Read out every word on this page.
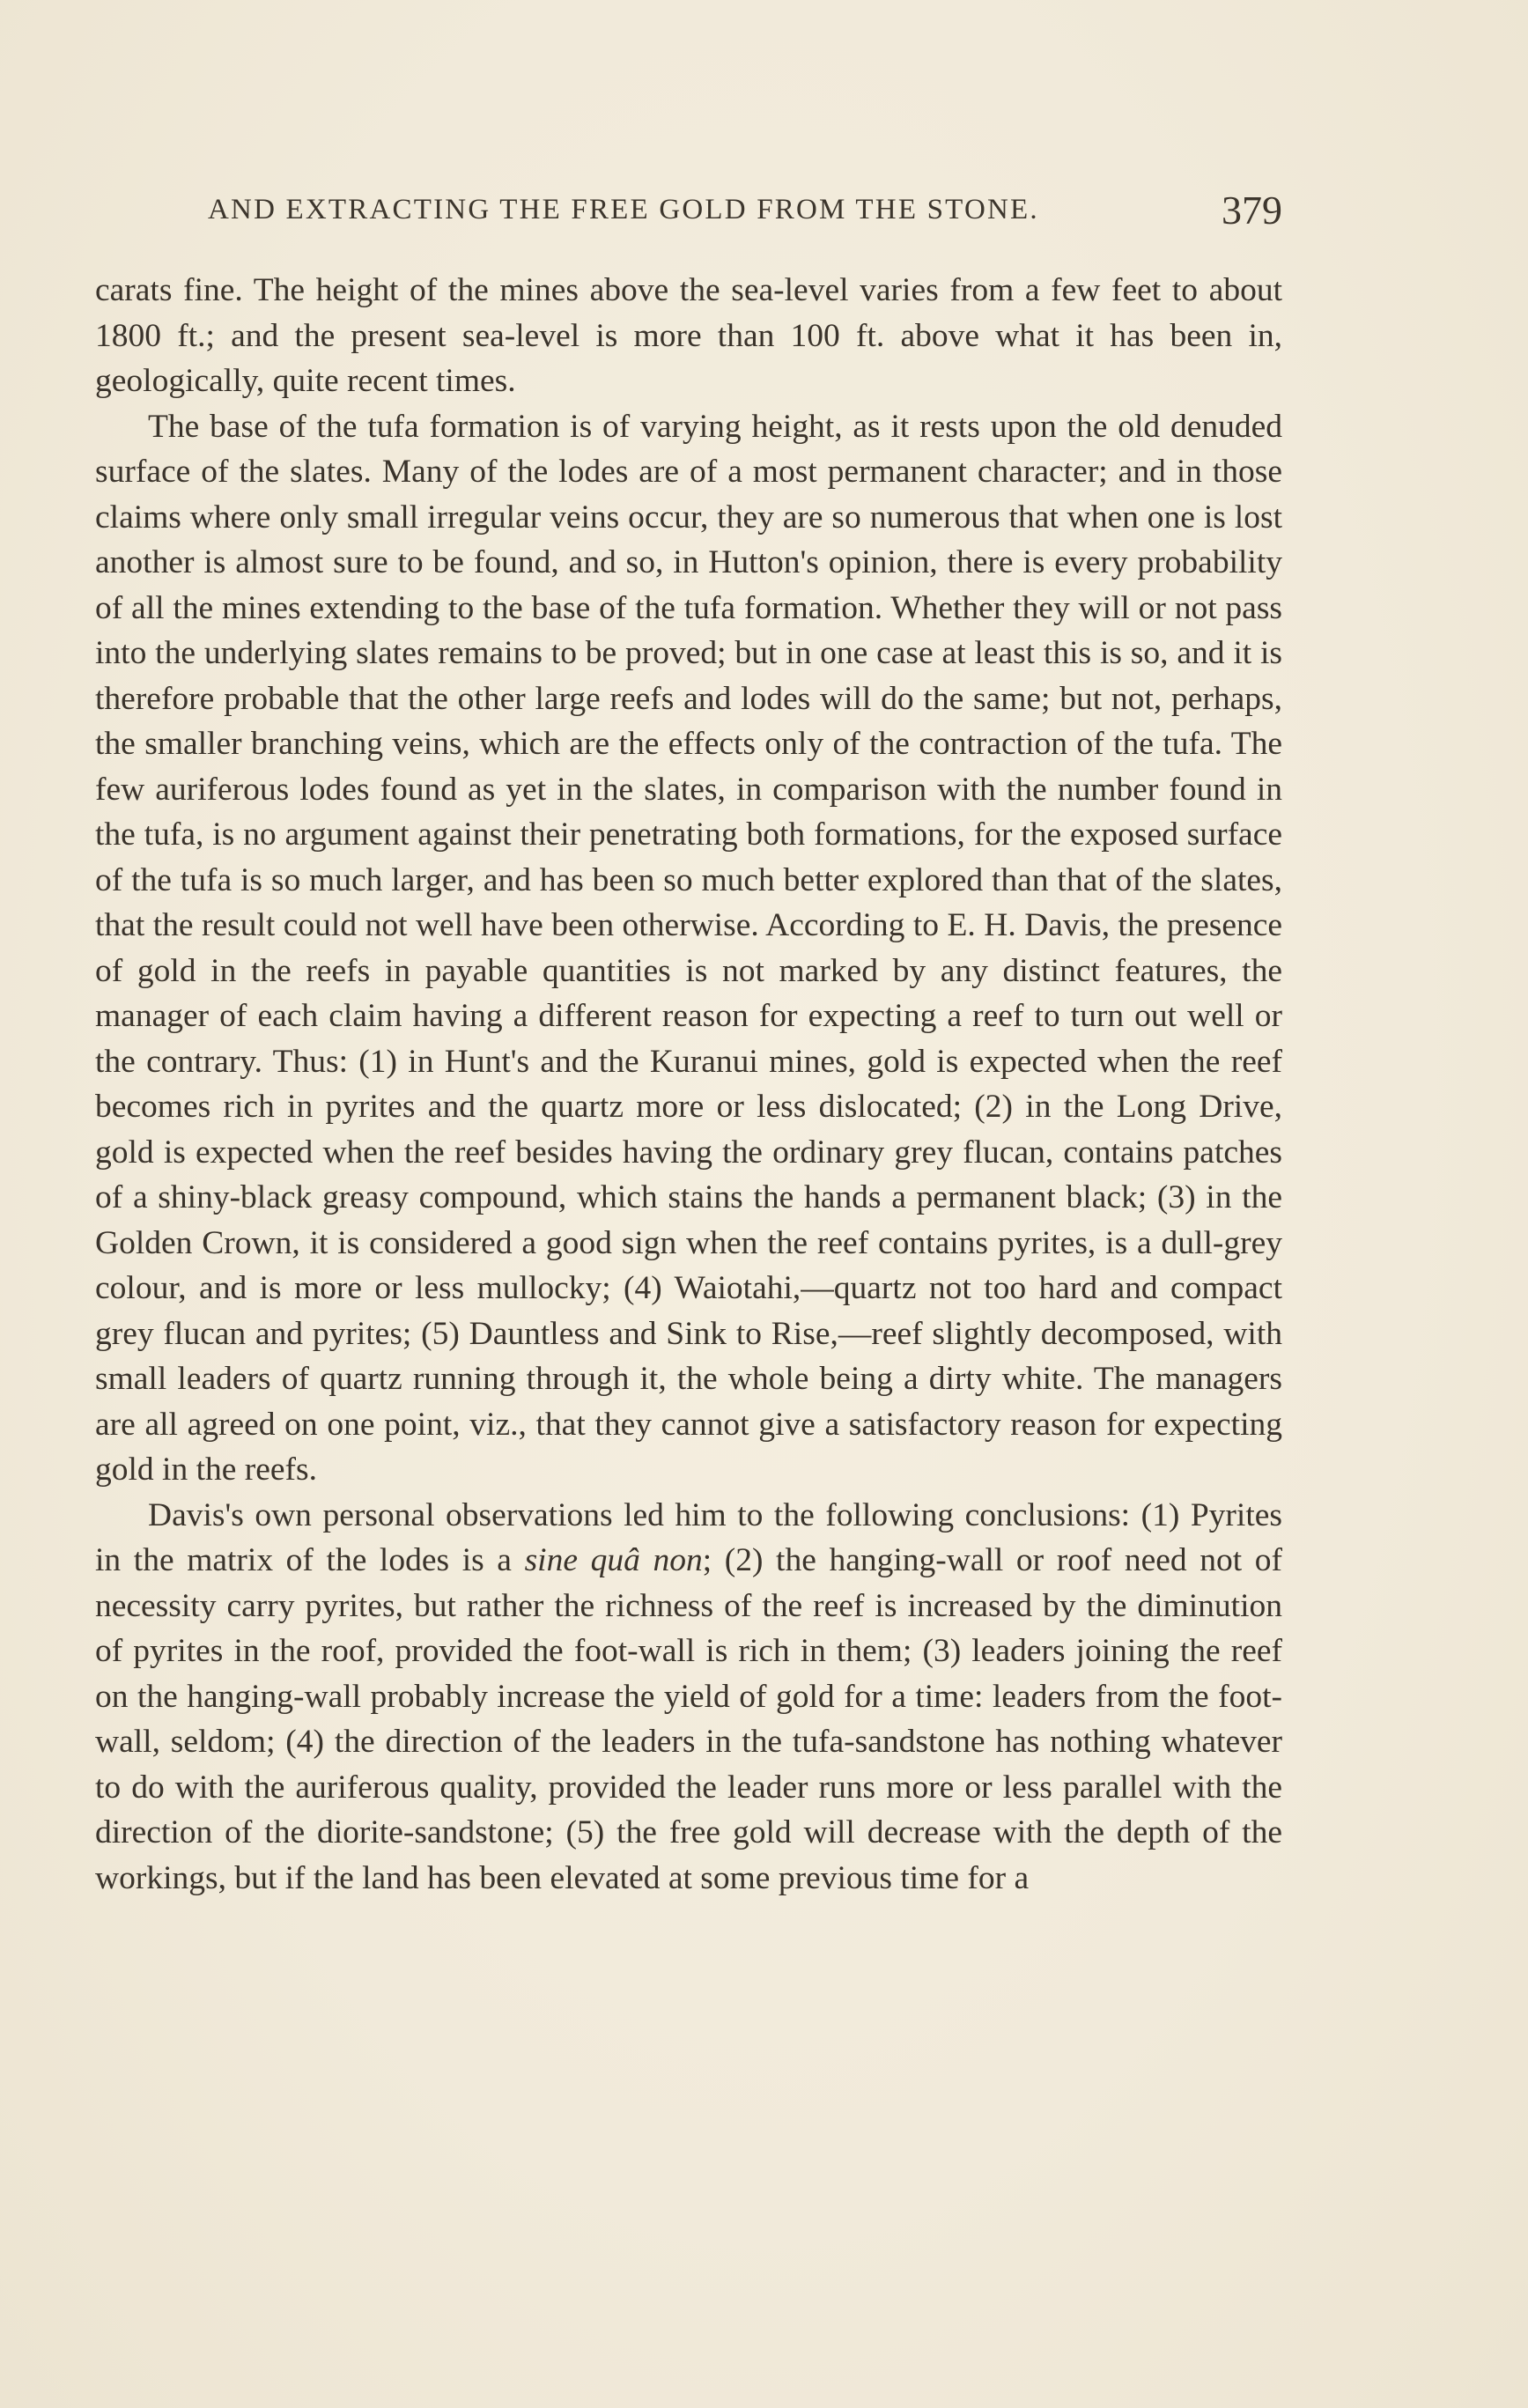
AND EXTRACTING THE FREE GOLD FROM THE STONE.	379

carats fine. The height of the mines above the sea-level varies from a few feet to about 1800 ft.; and the present sea-level is more than 100 ft. above what it has been in, geologically, quite recent times.

The base of the tufa formation is of varying height, as it rests upon the old denuded surface of the slates. Many of the lodes are of a most permanent character; and in those claims where only small irregular veins occur, they are so numerous that when one is lost another is almost sure to be found, and so, in Hutton's opinion, there is every probability of all the mines extending to the base of the tufa formation. Whether they will or not pass into the underlying slates remains to be proved; but in one case at least this is so, and it is therefore probable that the other large reefs and lodes will do the same; but not, perhaps, the smaller branching veins, which are the effects only of the contraction of the tufa. The few auriferous lodes found as yet in the slates, in comparison with the number found in the tufa, is no argument against their penetrating both formations, for the exposed surface of the tufa is so much larger, and has been so much better explored than that of the slates, that the result could not well have been otherwise. According to E. H. Davis, the presence of gold in the reefs in payable quantities is not marked by any distinct features, the manager of each claim having a different reason for expecting a reef to turn out well or the contrary. Thus: (1) in Hunt's and the Kuranui mines, gold is expected when the reef becomes rich in pyrites and the quartz more or less dislocated; (2) in the Long Drive, gold is expected when the reef besides having the ordinary grey flucan, contains patches of a shiny-black greasy compound, which stains the hands a permanent black; (3) in the Golden Crown, it is considered a good sign when the reef contains pyrites, is a dull-grey colour, and is more or less mullocky; (4) Waiotahi,—quartz not too hard and compact grey flucan and pyrites; (5) Dauntless and Sink to Rise,—reef slightly decomposed, with small leaders of quartz running through it, the whole being a dirty white. The managers are all agreed on one point, viz., that they cannot give a satisfactory reason for expecting gold in the reefs.

Davis's own personal observations led him to the following conclusions: (1) Pyrites in the matrix of the lodes is a sine quâ non; (2) the hanging-wall or roof need not of necessity carry pyrites, but rather the richness of the reef is increased by the diminution of pyrites in the roof, provided the foot-wall is rich in them; (3) leaders joining the reef on the hanging-wall probably increase the yield of gold for a time: leaders from the foot-wall, seldom; (4) the direction of the leaders in the tufa-sandstone has nothing whatever to do with the auriferous quality, provided the leader runs more or less parallel with the direction of the diorite-sandstone; (5) the free gold will decrease with the depth of the workings, but if the land has been elevated at some previous time for a
